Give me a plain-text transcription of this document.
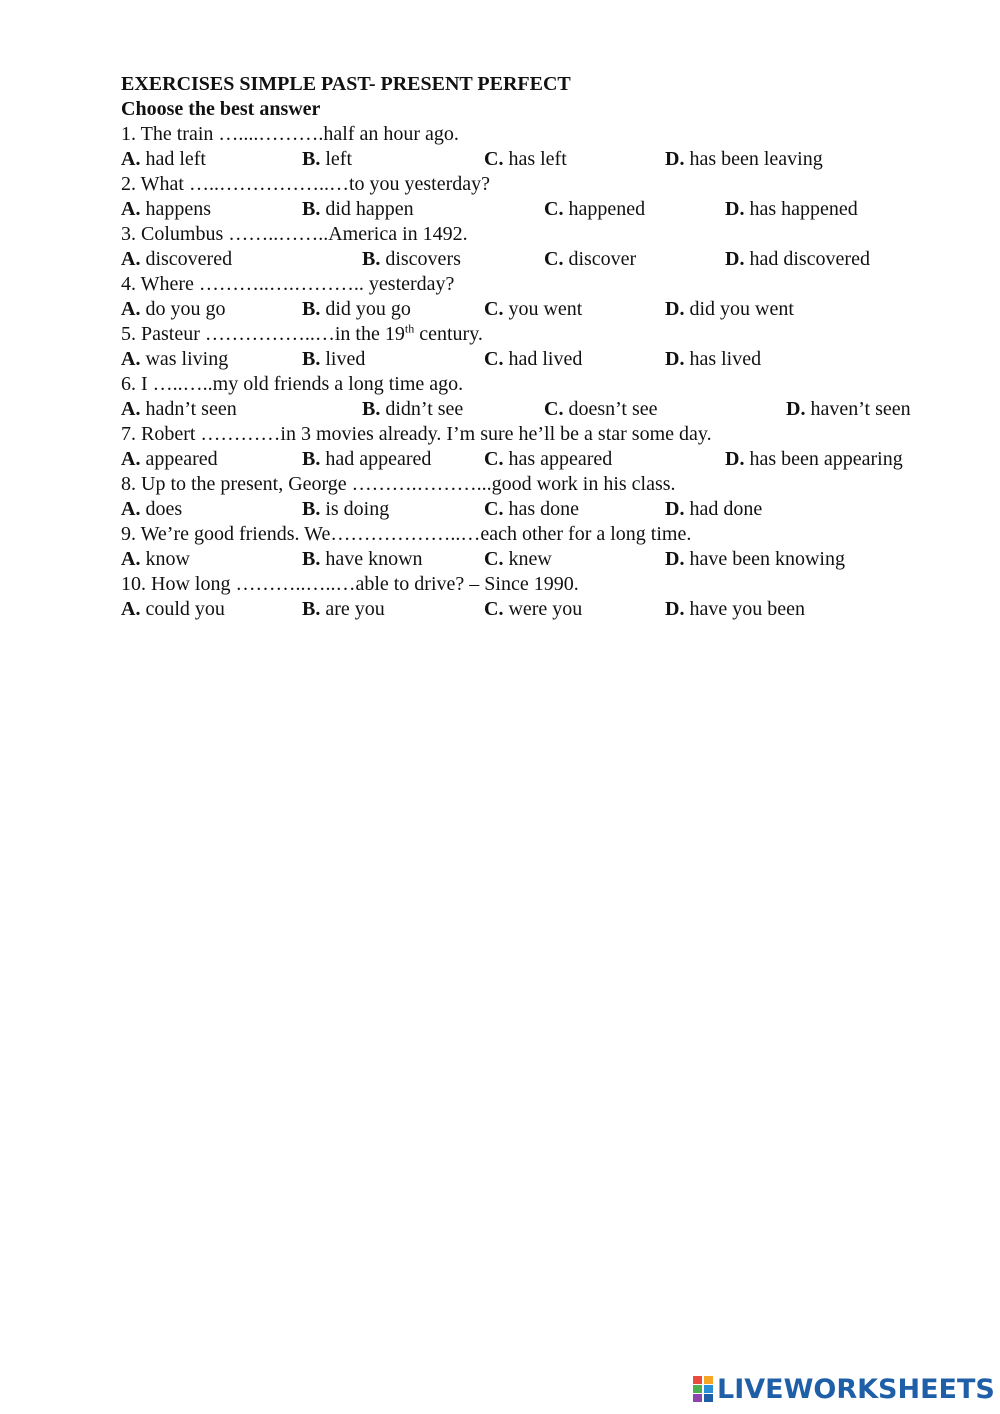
EXERCISES SIMPLE PAST- PRESENT PERFECT

Choose the best answer

1. The train …....……….half an hour ago.

A. had left	B. left	C. has left	D. has been leaving

2. What …..……………..…to you yesterday?

A. happens	B. did happen	C. happened	D. has happened

3. Columbus ……..……..America in 1492.

A. discovered	B. discovers	C. discover	D. had discovered

4. Where ………..….……….. yesterday?

A. do you go	B. did you go	C. you went	D. did you went

5. Pasteur ……………..…in the 19th century.

A. was living	B. lived	C. had lived	D. has lived

6. I …..…..my old friends a long time ago.

A. hadn’t seen	B. didn’t see	C. doesn’t see	D. haven’t seen

7. Robert …………in 3 movies already. I’m sure he’ll be a star some day.

A. appeared	B. had appeared	C. has appeared	D. has been appearing

8. Up to the present, George ……….………...good work in his class.

A. does	B. is doing	C. has done	D. had done

9. We’re good friends. We………………..…each other for a long time.

A. know	B. have known	C. knew	D. have been knowing

10. How long ………..…..…able to drive? – Since 1990.

A. could you	B. are you	C. were you	D. have you been
LIVEWORKSHEETS
